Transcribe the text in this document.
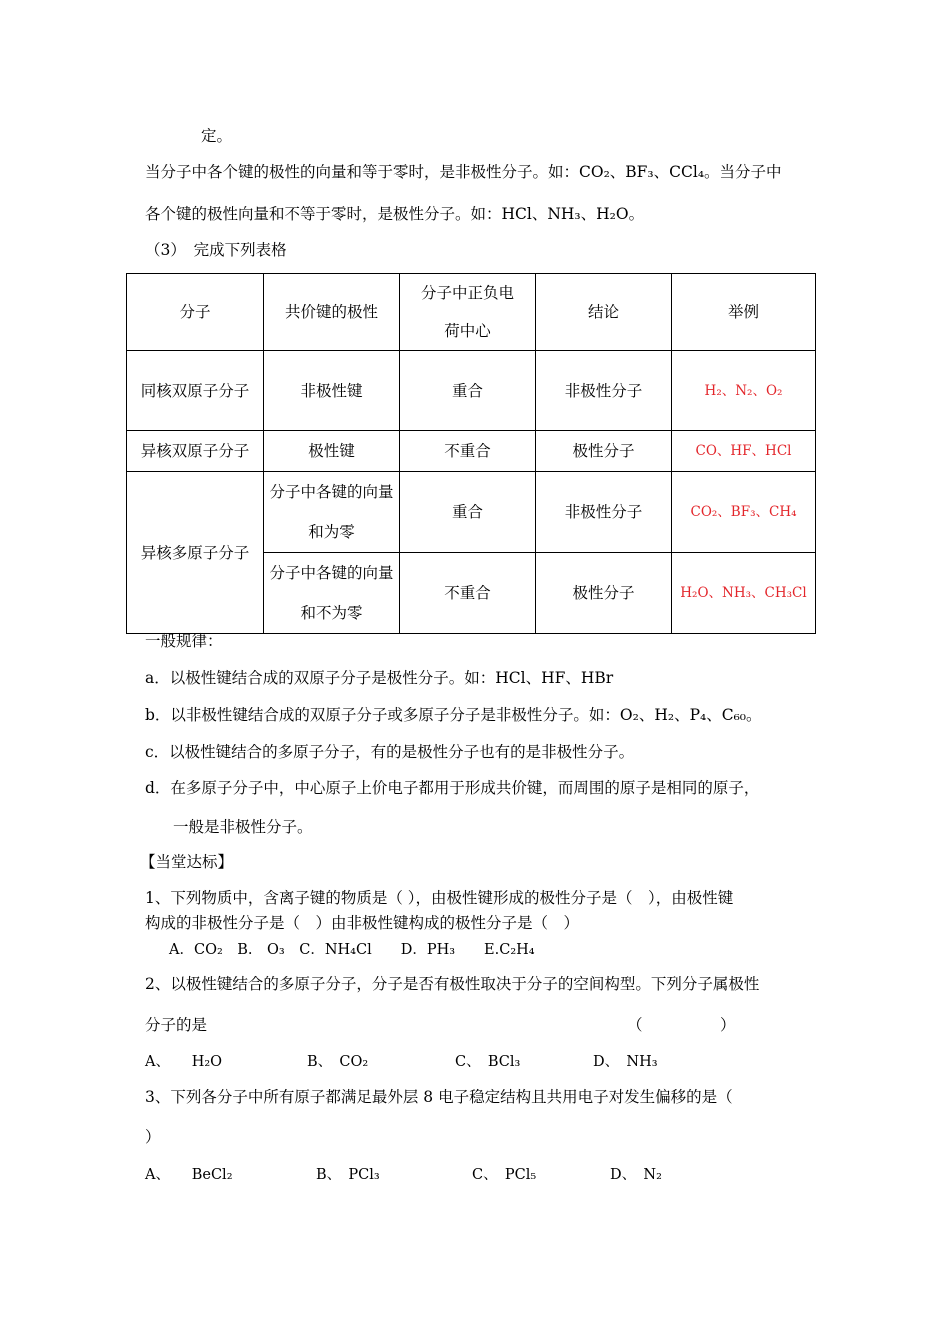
定。
当分子中各个键的极性的向量和等于零时，是非极性分子。如：CO₂、BF₃、CCl₄。当分子中
各个键的极性向量和不等于零时，是极性分子。如：HCl、NH₃、H₂O。
（3）　完成下列表格
分子	共价键的极性	分子中正负电荷中心	结论	举例

同核双原子分子	非极性键	重合	非极性分子	H₂、N₂、O₂
异核双原子分子	极性键	不重合	极性分子	CO、HF、HCl
异核多原子分子	分子中各键的向量和为零	重合	非极性分子	CO₂、BF₃、CH₄

	分子中各键的向量和不为零	不重合	极性分子	H₂O、NH₃、CH₃Cl
一般规律：
a．以极性键结合成的双原子分子是极性分子。如：HCl、HF、HBr
b．以非极性键结合成的双原子分子或多原子分子是非极性分子。如：O₂、H₂、P₄、C₆₀。
c．以极性键结合的多原子分子，有的是极性分子也有的是非极性分子。
d．在多原子分子中，中心原子上价电子都用于形成共价键，而周围的原子是相同的原子，
一般是非极性分子。
【当堂达标】
1、下列物质中，含离子键的物质是（ ），由极性键形成的极性分子是（　），由极性键
构成的非极性分子是（　）由非极性键构成的极性分子是（　）
A．CO₂　B.　O₃　C．NH₄Cl　　D．PH₃　　E.C₂H₄
2、以极性键结合的多原子分子，分子是否有极性取决于分子的空间构型。下列分子属极性
分子的是	（　　　　　）
A、　　H₂O	B、　CO₂	C、　BCl₃	D、　NH₃
3、下列各分子中所有原子都满足最外层 8 电子稳定结构且共用电子对发生偏移的是（
）
A、　　BeCl₂	B、　PCl₃	C、　PCl₅	D、　N₂
